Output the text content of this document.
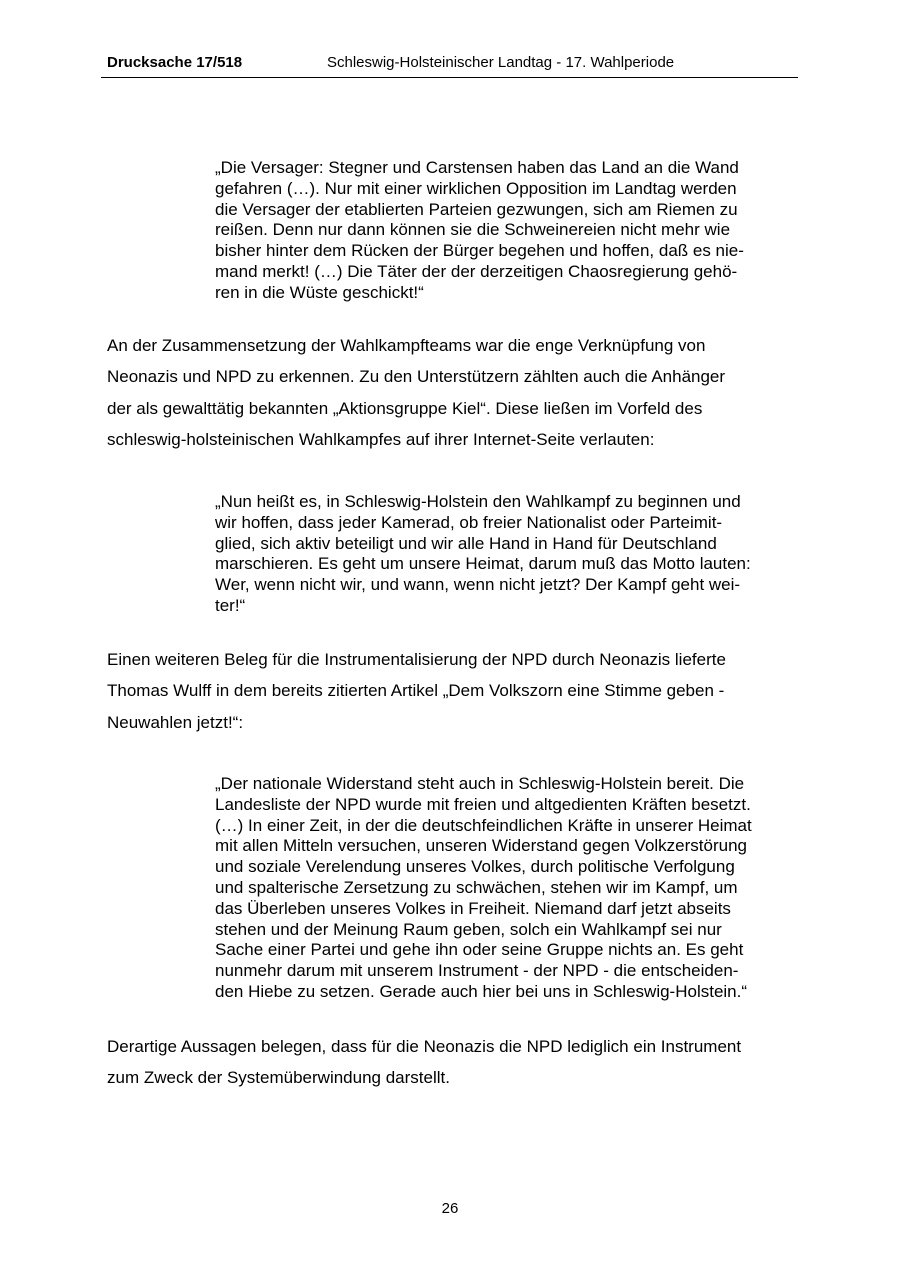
Drucksache 17/518	Schleswig-Holsteinischer Landtag - 17. Wahlperiode
„Die Versager: Stegner und Carstensen haben das Land an die Wand
gefahren (…). Nur mit einer wirklichen Opposition im Landtag werden
die Versager der etablierten Parteien gezwungen, sich am Riemen zu
reißen. Denn nur dann können sie die Schweinereien nicht mehr wie
bisher hinter dem Rücken der Bürger begehen und hoffen, daß es nie-
mand merkt! (…) Die Täter der der derzeitigen Chaosregierung gehö-
ren in die Wüste geschickt!“
An der Zusammensetzung der Wahlkampfteams war die enge Verknüpfung von
Neonazis und NPD zu erkennen. Zu den Unterstützern zählten auch die Anhänger
der als gewalttätig bekannten „Aktionsgruppe Kiel“. Diese ließen im Vorfeld des
schleswig-holsteinischen Wahlkampfes auf ihrer Internet-Seite verlauten:
„Nun heißt es, in Schleswig-Holstein den Wahlkampf zu beginnen und
wir hoffen, dass jeder Kamerad, ob freier Nationalist oder Parteimit-
glied, sich aktiv beteiligt und wir alle Hand in Hand für Deutschland
marschieren. Es geht um unsere Heimat, darum muß das Motto lauten:
Wer, wenn nicht wir, und wann, wenn nicht jetzt? Der Kampf geht wei-
ter!“
Einen weiteren Beleg für die Instrumentalisierung der NPD durch Neonazis lieferte
Thomas Wulff in dem bereits zitierten Artikel „Dem Volkszorn eine Stimme geben -
Neuwahlen jetzt!“:
„Der nationale Widerstand steht auch in Schleswig-Holstein bereit. Die
Landesliste der NPD wurde mit freien und altgedienten Kräften besetzt.
(…) In einer Zeit, in der die deutschfeindlichen Kräfte in unserer Heimat
mit allen Mitteln versuchen, unseren Widerstand gegen Volkzerstörung
und soziale Verelendung unseres Volkes, durch politische Verfolgung
und spalterische Zersetzung zu schwächen, stehen wir im Kampf, um
das Überleben unseres Volkes in Freiheit. Niemand darf jetzt abseits
stehen und der Meinung Raum geben, solch ein Wahlkampf sei nur
Sache einer Partei und gehe ihn oder seine Gruppe nichts an. Es geht
nunmehr darum mit unserem Instrument - der NPD - die entscheiden-
den Hiebe zu setzen. Gerade auch hier bei uns in Schleswig-Holstein.“
Derartige Aussagen belegen, dass für die Neonazis die NPD lediglich ein Instrument
zum Zweck der Systemüberwindung darstellt.
26
